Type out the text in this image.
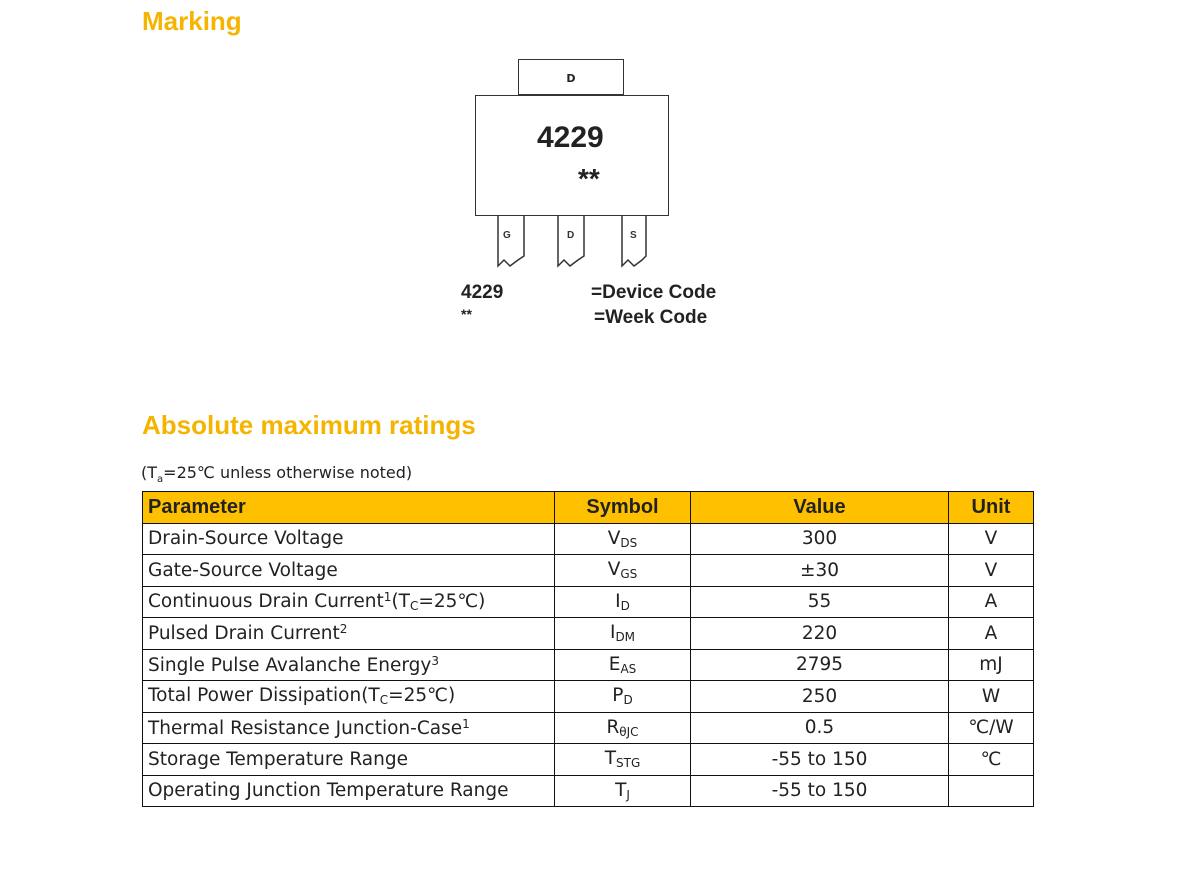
Marking
D
4229
**
G	D	S
4229	=Device Code
**	=Week Code
Absolute maximum ratings
($T_a=25℃$ unless otherwise noted)
Parameter	Symbol	Value	Unit
Drain-Source Voltage	$V_{DS}$	300	V
Gate-Source Voltage	$V_{GS}$	±30	V
Continuous Drain Current$^1$(TC=25℃)	$I_D$	55	A
Pulsed Drain Current$^2$	$I_{DM}$	220	A
Single Pulse Avalanche Energy$^3$	$E_{AS}$	2795	mJ
Total Power Dissipation(TC=25℃)	$P_D$	250	W
Thermal Resistance Junction-Case$^1$	$R_{\theta JC}$	0.5	℃/W
Storage Temperature Range	$T_{STG}$	-55 to 150	℃
Operating Junction Temperature Range	$T_J$	-55 to 150	
